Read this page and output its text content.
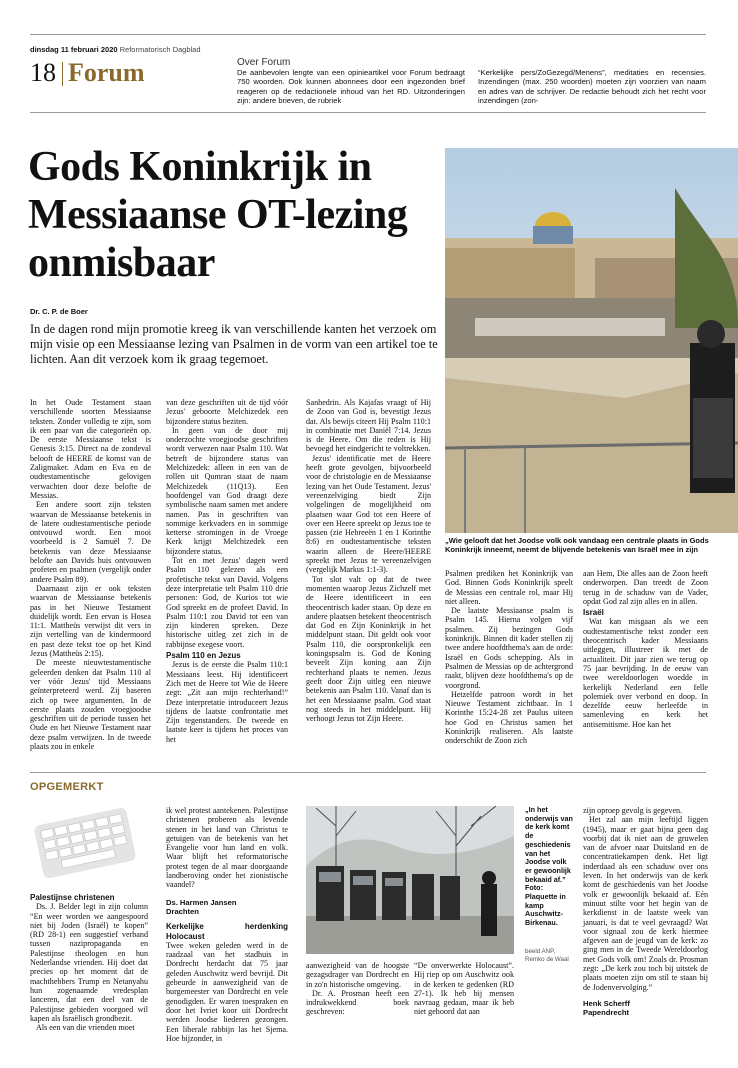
dinsdag 11 februari 2020 Reformatorisch Dagblad
18 Forum	Over Forum
De aanbevolen lengte van een opinieartikel voor Forum bedraagt 750 woorden. Ook kunnen abonnees door een ingezonden brief reageren op de redactionele inhoud van het RD. Uitzonderingen zijn: andere brieven, de rubriek
“Kerkelijke pers/ZoGezegd/Menens”, meditaties en recensies. Inzendingen (max. 250 woorden) moeten zijn voorzien van naam en adres van de schrijver. De redactie behoudt zich het recht voor inzendingen (zon-
Gods Koninkrijk in Messiaanse OT-lezing onmisbaar
„Wie gelooft dat het Joodse volk ook vandaag een centrale plaats in Gods Koninkrijk inneemt, neemt de blijvende betekenis van Israël mee in zijn
Dr. C. P. de Boer
In de dagen rond mijn promotie kreeg ik van verschillende kanten het verzoek om mijn visie op een Messiaanse lezing van Psalmen in de vorm van een artikel toe te lichten. Aan dit verzoek kom ik graag tegemoet.

In het Oude Testament staan verschillende soorten Messiaanse teksten. Zonder volledig te zijn, som ik een paar van die categorieën op. De eerste Messiaanse tekst is Genesis 3:15. Direct na de zondeval belooft de HEERE de komst van de Zaligmaker. Adam en Eva en de oudtestamentische gelovigen verwachten door deze belofte de Messias.

Een andere soort zijn teksten waarvan de Messiaanse betekenis in de latere oudtestamentische periode ontvouwd wordt. Een mooi voorbeeld is 2 Samuël 7. De betekenis van deze Messiaanse belofte aan Davids huis ontvouwen profeten en psalmen (vergelijk onder andere Psalm 89).

Daarnaast zijn er ook teksten waarvan de Messiaanse betekenis pas in het Nieuwe Testament duidelijk wordt. Een ervan is Hosea 11:1. Mattheüs verwijst dit vers in zijn vertelling van de kindermoord en past deze tekst toe op het Kind Jezus (Mattheüs 2:15).

De meeste nieuwtestamentische geleerden denken dat Psalm 110 al ver vóór Jezus' tijd Messiaans geïnterpreteerd werd. Zij baseren zich op twee argumenten. In de eerste plaats zouden vroegjoodse geschriften uit de periode tussen het Oude en het Nieuwe Testament naar deze psalm verwijzen. In de tweede plaats zou in enkele

van deze geschriften uit de tijd vóór Jezus' geboorte Melchizedek een bijzondere status beziten.

In geen van de door mij onderzochte vroegjoodse geschriften wordt verwezen naar Psalm 110. Wat betreft de bijzondere status van Melchizedek: alleen in een van de rollen uit Qumran staat de naam Melchizedek (11Q13). Een hoofdengel van God draagt deze symbolische naam samen met andere namen. Pas in geschriften van sommige kerkvaders en in sommige ketterse stromingen in de Vroege Kerk krijgt Melchizedek een bijzondere status.

Tot en met Jezus' dagen werd Psalm 110 gelezen als een profetische tekst van David. Volgens deze interpretatie telt Psalm 110 drie personen: God, de Kurios tot wie God spreekt en de profeet David. In Psalm 110:1 zou David tot een van zijn kinderen spreken. Deze historische uitleg zet zich in de rabbijnse exegese voort.

Psalm 110 en Jezus

Jezus is de eerste die Psalm 110:1 Messiaans leest. Hij identificeert Zich met de Heere tot Wie de Heere zegt: „Zit aan mijn rechterhand!” Deze interpretatie introduceert Jezus tijdens de laatste confrontatie met Zijn tegenstanders. De tweede en laatste keer is tijdens het proces van het

Sanhedrin. Als Kajafas vraagt of Hij de Zoon van God is, bevestigt Jezus dat. Als bewijs citeert Hij Psalm 110:1 in combinatie met Daniël 7:14. Jezus is de Heere. Om die reden is Hij bevoegd het eindgericht te voltrekken.

Jezus' identificatie met de Heere heeft grote gevolgen, bijvoorbeeld voor de christologie en de Messiaanse lezing van het Oude Testament. Jezus' vereenzelviging biedt Zijn volgelingen de mogelijkheid om plaatsen waar God tot een Heere of over een Heere spreekt op Jezus toe te passen (zie Hebreeën 1 en 1 Korinthe 8:6) en oudtestamentische teksten waarin alleen de Heere/HEERE spreekt met Jezus te vereenzelvigen (vergelijk Markus 1:1-3).

Tot slot valt op dat de twee momenten waarop Jezus Zichzelf met de Heere identificeert in een theocentrisch kader staan. Op deze en andere plaatsen betekent theocentrisch dat God en Zijn Koninkrijk in het middelpunt staan. Dit geldt ook voor Psalm 110, die oorspronkelijk een koningspsalm is. God de Koning beveelt Zijn koning aan Zijn rechterhand plaats te nemen. Jezus geeft door Zijn uitleg een nieuwe betekenis aan Psalm 110. Vanaf dan is het een Messiaanse psalm. God staat nog steeds in het middelpunt. Hij verhoogt Jezus tot Zijn Heere.

Psalmen prediken het Koninkrijk van God. Binnen Gods Koninkrijk speelt de Messias een centrale rol, maar Hij niet alleen.

De laatste Messiaanse psalm is Psalm 145. Hierna volgen vijf psalmen. Zij bezingen Gods koninkrijk. Binnen dit kader stellen zij twee andere hoofdthema's aan de orde: Israël en Gods schepping. Als in Psalmen de Messias op de achtergrond raakt, blijven deze hoofdthema's op de voorgrond.

Hetzelfde patroon wordt in het Nieuwe Testament zichtbaar. In 1 Korinthe 15:24-28 zet Paulus uiteen hoe God en Christus samen het Koninkrijk realiseren. Als laatste onderschikt de Zoon zich

aan Hem, Die alles aan de Zoon heeft onderworpen. Dan treedt de Zoon terug in de schaduw van de Vader, opdat God zal zijn alles en in allen.

Israël

Wat kan misgaan als we een oudtestamentische tekst zonder een theocentrisch kader Messiaans uitleggen, illustreer ik met de actualiteit. Dit jaar zien we terug op 75 jaar bevrijding. In de eeuw van twee wereldoorlogen woedde in kerkelijk Nederland een felle polemiek over verbond en doop. In dezelfde eeuw herleefde in samenleving en kerk het antisemitisme. Hoe kan het

OPGEMERKT
Palestijnse christenen

Ds. J. Belder legt in zijn column “En weer worden we aangespoord niet bij Joden (Israël) te kopen” (RD 28-1) een suggestief verband tussen nazipropaganda en Palestijnse theologen en hun Nederlandse vrienden. Hij doet dat precies op het moment dat de machthebbers Trump en Netanyahu hun zogenaamde vredesplan lanceren, dat een deel van de Palestijnse gebieden voorgoed wil kapen als Israëlisch grondbezit.

Als een van die vrienden moet

ik wel protest aantekenen. Palestijnse christenen proberen als levende stenen in het land van Christus te getuigen van de betekenis van het Evangelie voor hun land en volk. Waar blijft het reformatorische protest tegen de al maar doorgaande landberoving onder het zionistische vaandel?

Ds. Harmen Jansen
Drachten
Kerkelijke herdenking Holocaust

Twee weken geleden werd in de raadzaal van het stadhuis in Dordrecht herdacht dat 75 jaar geleden Auschwitz werd bevrijd. Dit gebeurde in aanwezigheid van de burgemeester van Dordrecht en vele genodigden. Er waren toespraken en door het Ivriet koor uit Dordrecht werden Joodse liederen gezongen. Een liberale rabbijn las het Sjema. Hoe bijzonder, in

„In het onderwijs van de kerk komt de geschiedenis van het Joodse volk er gewoonlijk bekaaid af.” Foto: Plaquette in kamp Auschwitz-Birkenau.
beeld ANP, Remko de Waal

aanwezigheid van de hoogste gezagsdrager van Dordrecht en in zo'n historische omgeving.

Dr. A. Prosman heeft een indrukwekkend boek geschreven:

“De onverwerkte Holocaust”. Hij riep op om Auschwitz ook in de kerken te gedenken (RD 27-1). Ik heb bij mensen navraag gedaan, maar ik heb niet gehoord dat aan

zijn oproep gevolg is gegeven.

Het zal aan mijn leeftijd liggen (1945), maar er gaat bijna geen dag voorbij dat ik niet aan de gruwelen van de afvoer naar Duitsland en de concentratiekampen denk. Het ligt inderdaad als een schaduw over ons leven. In het onderwijs van de kerk komt de geschiedenis van het Joodse volk er gewoonlijk bekaaid af. Eén minuut stilte voor het begin van de kerkdienst in de laatste week van januari, is dat te veel gevraagd? Wat voor signaal zou de kerk hiermee afgeven aan de jeugd van de kerk: zo ging men in de Tweede Wereldoorlog met Gods volk om! Zoals dr. Prosman zegt: „De kerk zou toch bij uitstek de plaats moeten zijn om stil te staan bij de Jodenvervolging.”

Henk Scherff
Papendrecht
